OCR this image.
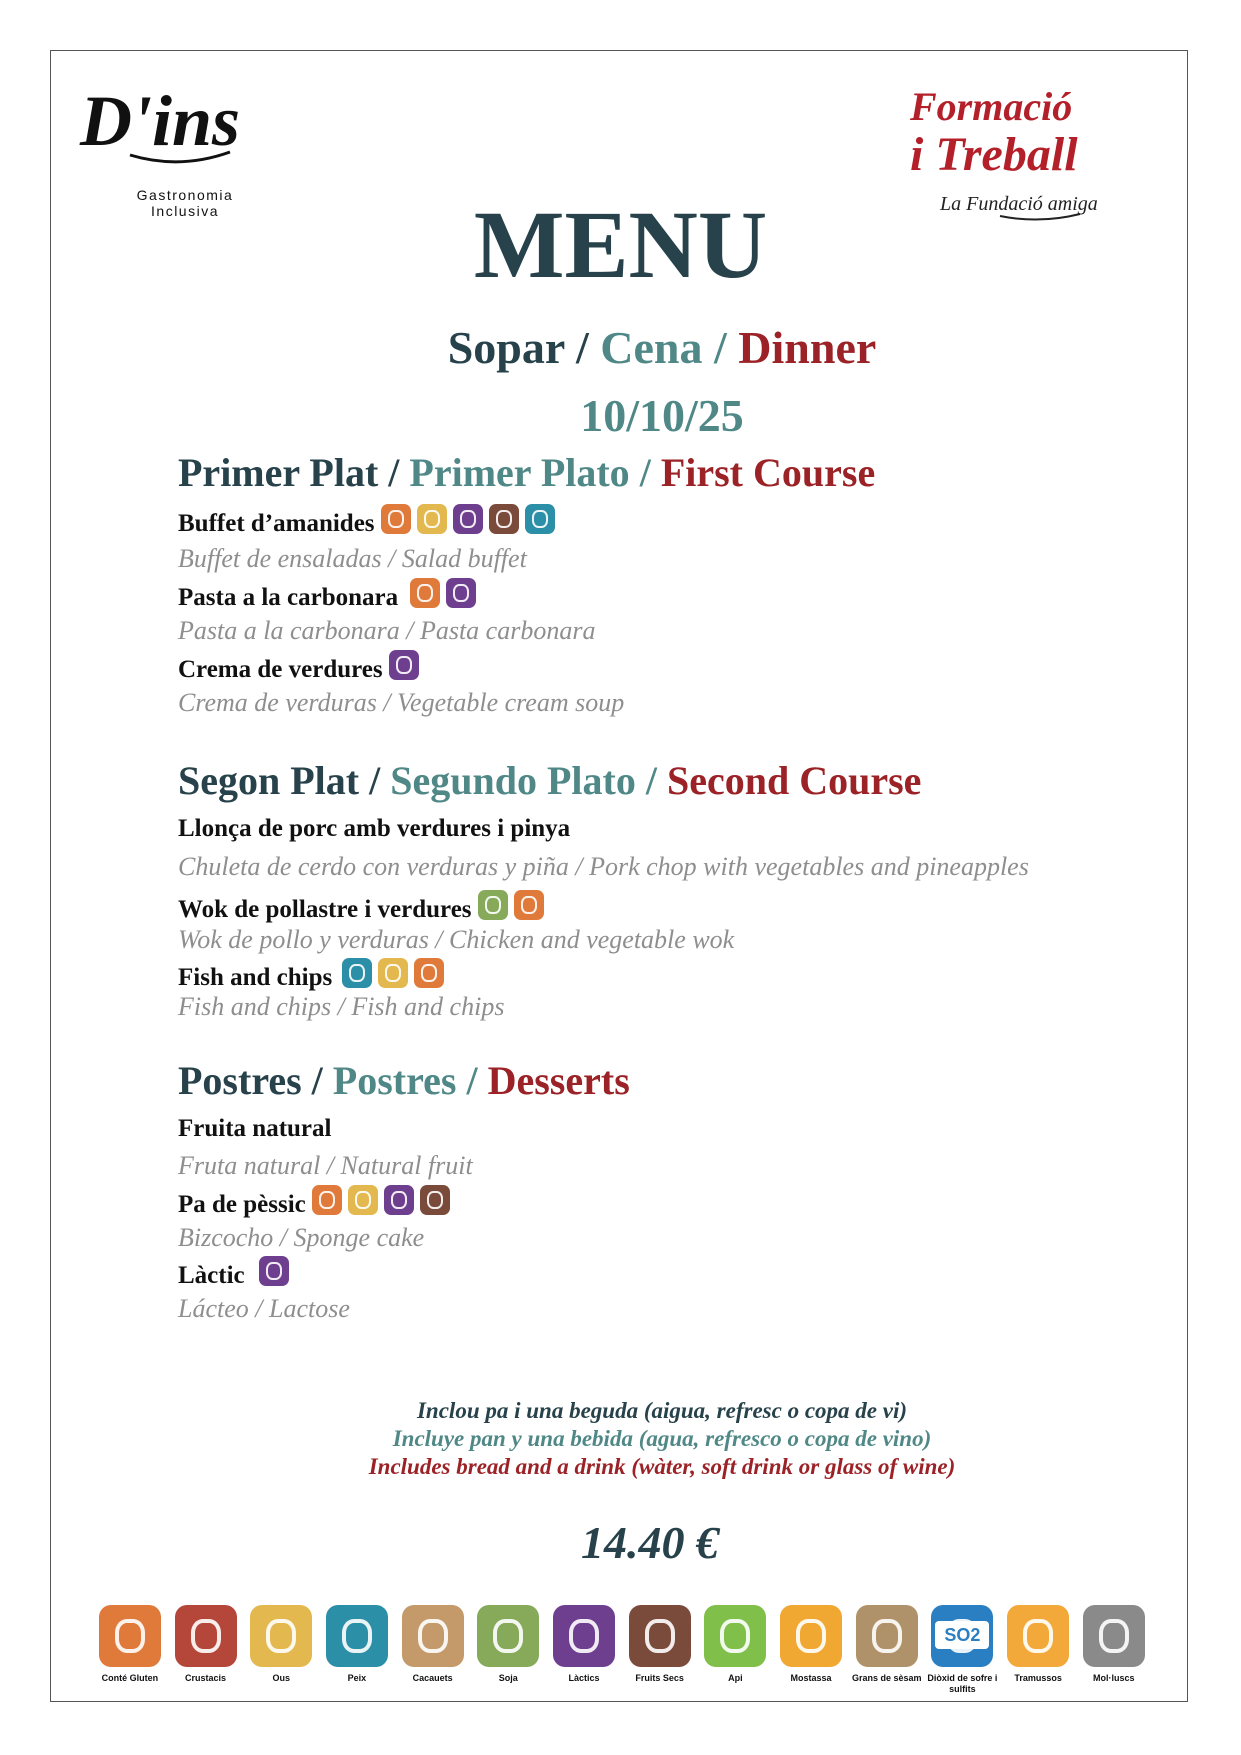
D'ins
Gastronomia
Inclusiva
Formació
i Treball
La Fundació amiga
MENU
Sopar / Cena / Dinner
10/10/25
Primer Plat / Primer Plato / First Course
Buffet d’amanides
Buffet de ensaladas / Salad buffet
Pasta a la carbonara
Pasta a la carbonara / Pasta carbonara
Crema de verdures
Crema de verduras / Vegetable cream soup
Segon Plat / Segundo Plato / Second Course
Llonça de porc amb verdures i pinya
Chuleta de cerdo con verduras y piña / Pork chop with vegetables and pineapples
Wok de pollastre i verdures
Wok de pollo y verduras / Chicken and vegetable wok
Fish and chips
Fish and chips / Fish and chips
Postres / Postres / Desserts
Fruita natural
Fruta natural / Natural fruit
Pa de pèssic
Bizcocho / Sponge cake
Làctic
Lácteo / Lactose
Inclou pa i una beguda (aigua, refresc o copa de vi)
Incluye pan y una bebida (agua, refresco o copa de vino)
Includes bread and a drink (wàter, soft drink or glass of wine)
14.40 €
Conté Gluten	Crustacis	Ous	Peix	Cacauets	Soja	Làctics	Fruits Secs	Api	Mostassa Grans de sèsam
SO2
Diòxid de sofre i sulfits
Tramussos	Mol·luscs
